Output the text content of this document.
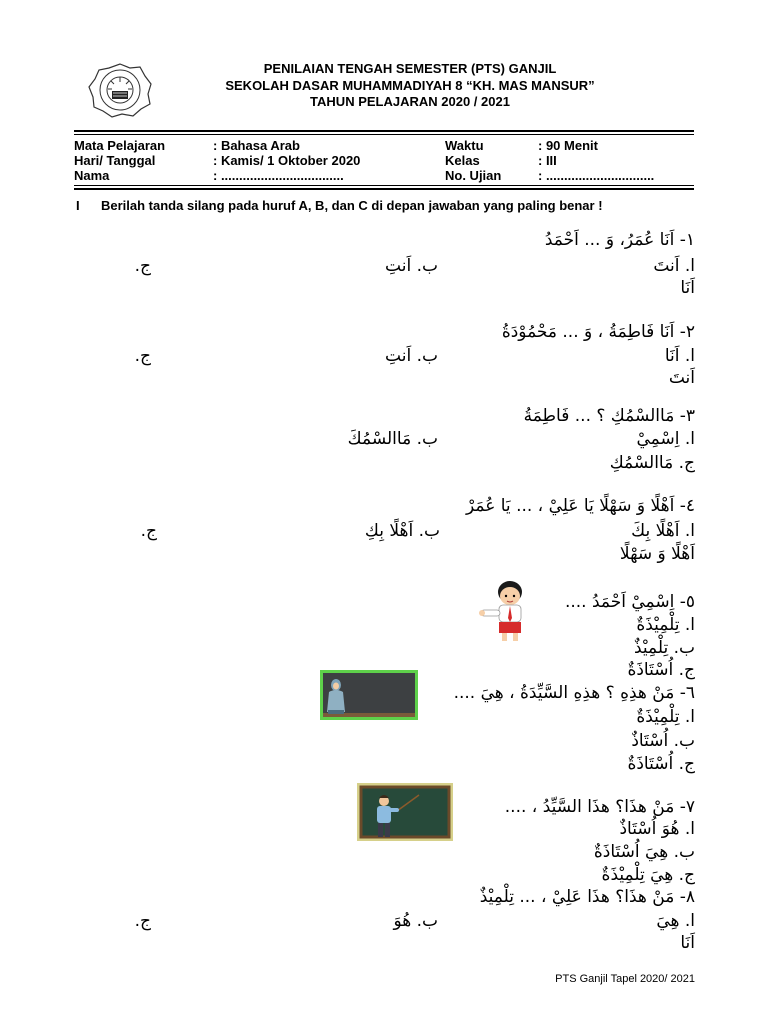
PENILAIAN TENGAH SEMESTER (PTS) GANJIL
SEKOLAH DASAR MUHAMMADIYAH 8 “KH. MAS MANSUR”
TAHUN PELAJARAN 2020 / 2021
Mata Pelajaran	: Bahasa Arab	Waktu	: 90 Menit
Hari/ Tanggal	: Kamis/ 1 Oktober 2020	Kelas	: III
Nama	: ..................................	No. Ujian	: ..............................
I Berilah tanda silang pada huruf A, B, dan C di depan jawaban yang paling benar !
١- اَنَا عُمَرُ، وَ ... اَحْمَدُ
ا. اَنتَ
ب. اَنتِ
ج.
اَنَا
٢- اَنَا فَاطِمَةُ ، وَ ... مَحْمُوْدَةُ
ا. اَنَا
ب. اَنتِ
ج.
اَنتَ
٣- مَاالسْمُكِ ؟ ... فَاطِمَةُ
ا. اِسْمِيْ
ب. مَاالسْمُكَ
ج. مَاالسْمُكِ
٤- اَهْلًا وَ سَهْلًا يَا عَلِيْ ، ... يَا عُمَرْ
ا. اَهْلًا بِكَ
ب. اَهْلًا بِكِ
ج.
اَهْلًا وَ سَهْلًا
٥- اِسْمِيْ اَحْمَدُ ....
ا. تِلْمِيْذَةٌ
ب. تِلْمِيْذٌ
ج. اُسْتَاذَةٌ
٦- مَنْ هذِهِ ؟ هذِهِ السَّيِّدَةُ ، هِيَ ....
ا. تِلْمِيْذَةٌ
ب. اُسْتَاذٌ
ج. اُسْتَاذَةٌ
٧- مَنْ هذَا؟ هذَا السَّيِّدُ ، ....
ا. هُوَ اُسْتَاذٌ
ب. هِيَ اُسْتَاذَةٌ
ج. هِيَ تِلْمِيْذَةٌ
٨- مَنْ هذَا؟ هذَا عَلِيْ ، ... تِلْمِيْذٌ
ا. هِيَ
ب. هُوَ
ج.
اَنَا
PTS Ganjil Tapel 2020/ 2021
